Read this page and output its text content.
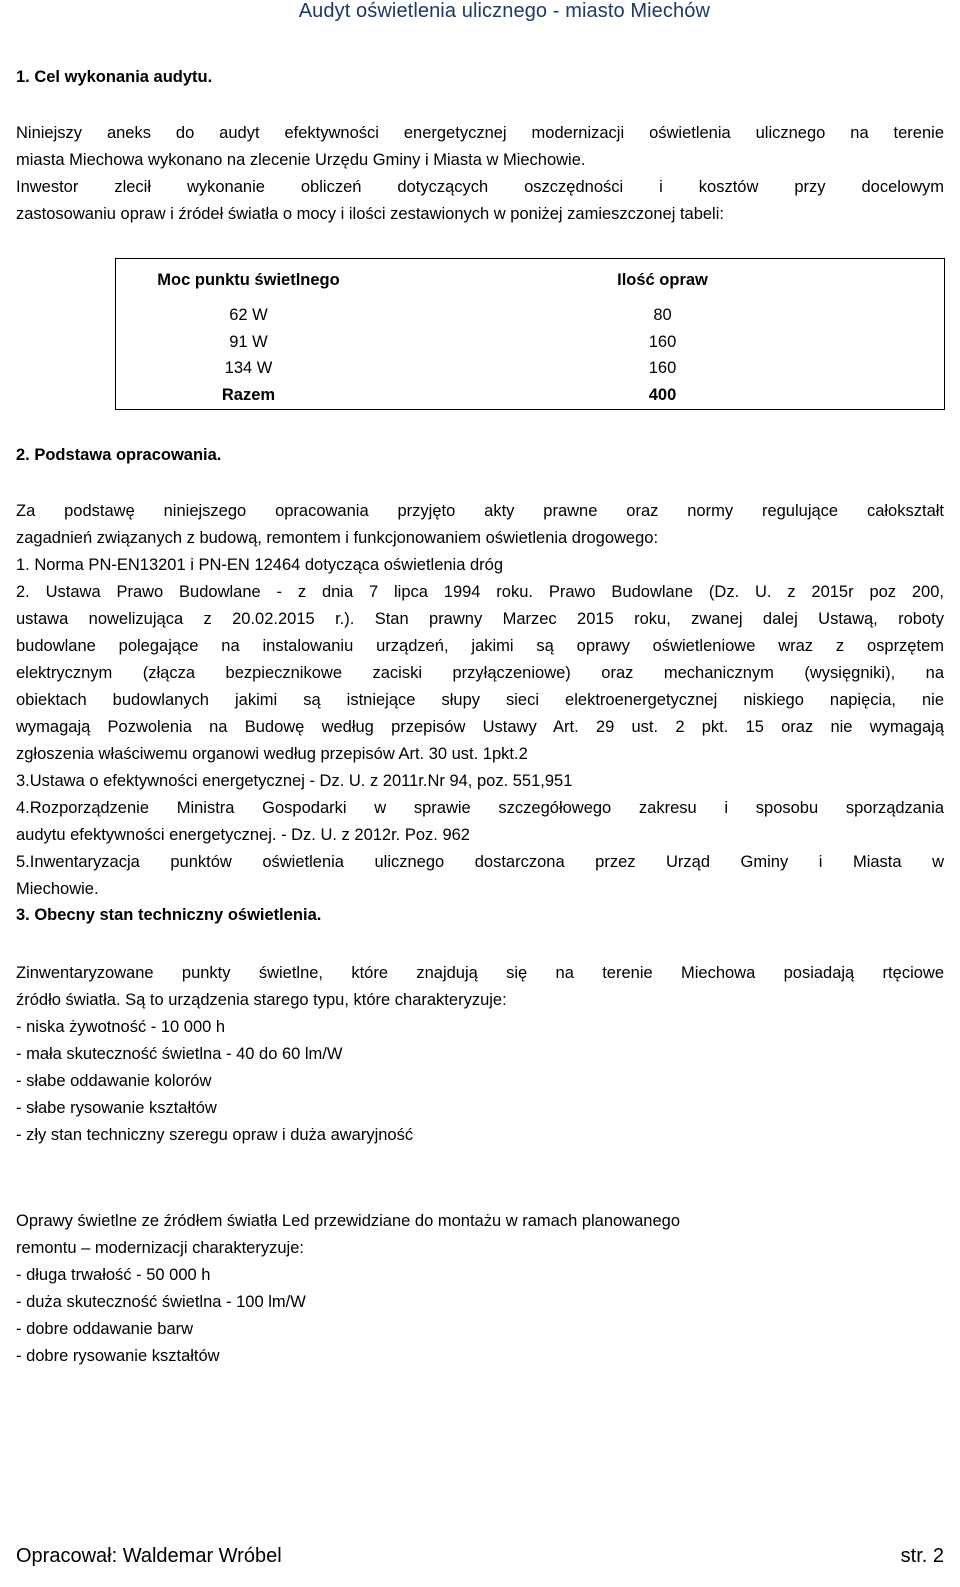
Audyt oświetlenia ulicznego - miasto Miechów
1. Cel wykonania audytu.
Niniejszy aneks do audyt efektywności energetycznej modernizacji oświetlenia ulicznego na terenie
miasta Miechowa wykonano na zlecenie Urzędu Gminy i Miasta w Miechowie.
Inwestor zlecił wykonanie obliczeń dotyczących oszczędności i kosztów przy docelowym
zastosowaniu opraw i źródeł światła o mocy i ilości zestawionych w poniżej zamieszczonej tabeli:
Moc punktu świetlnego	Ilość opraw
62 W	80
91 W	160
134 W	160
Razem	400
2. Podstawa opracowania.
Za podstawę niniejszego opracowania przyjęto akty prawne oraz normy regulujące całokształt
zagadnień związanych z budową, remontem i funkcjonowaniem oświetlenia drogowego:
1. Norma PN-EN13201 i PN-EN 12464 dotycząca oświetlenia dróg
2. Ustawa Prawo Budowlane - z dnia 7 lipca 1994 roku. Prawo Budowlane (Dz. U. z 2015r poz 200,
ustawa nowelizująca z 20.02.2015 r.). Stan prawny Marzec 2015 roku, zwanej dalej Ustawą, roboty
budowlane polegające na instalowaniu urządzeń, jakimi są oprawy oświetleniowe wraz z osprzętem
elektrycznym (złącza bezpiecznikowe zaciski przyłączeniowe) oraz mechanicznym (wysięgniki), na
obiektach budowlanych jakimi są istniejące słupy sieci elektroenergetycznej niskiego napięcia, nie
wymagają Pozwolenia na Budowę według przepisów Ustawy Art. 29 ust. 2 pkt. 15 oraz nie wymagają
zgłoszenia właściwemu organowi według przepisów Art. 30 ust. 1pkt.2
3.Ustawa o efektywności energetycznej - Dz. U. z 2011r.Nr 94, poz. 551,951
4.Rozporządzenie Ministra Gospodarki w sprawie szczegółowego zakresu i sposobu sporządzania
audytu efektywności energetycznej. - Dz. U. z 2012r. Poz. 962
5.Inwentaryzacja punktów oświetlenia ulicznego dostarczona przez Urząd Gminy i Miasta w
Miechowie.
3. Obecny stan techniczny oświetlenia.
Zinwentaryzowane punkty świetlne, które znajdują się na terenie Miechowa posiadają rtęciowe
źródło światła. Są to urządzenia starego typu, które charakteryzuje:
- niska żywotność - 10 000 h
- mała skuteczność świetlna - 40 do 60 lm/W
- słabe oddawanie kolorów
- słabe rysowanie kształtów
- zły stan techniczny szeregu opraw i duża awaryjność
Oprawy świetlne ze źródłem światła Led przewidziane do montażu w ramach planowanego
remontu – modernizacji charakteryzuje:
- długa trwałość - 50 000 h
- duża skuteczność świetlna - 100 lm/W
- dobre oddawanie barw
- dobre rysowanie kształtów
Opracował: Waldemar Wróbel	str. 2
